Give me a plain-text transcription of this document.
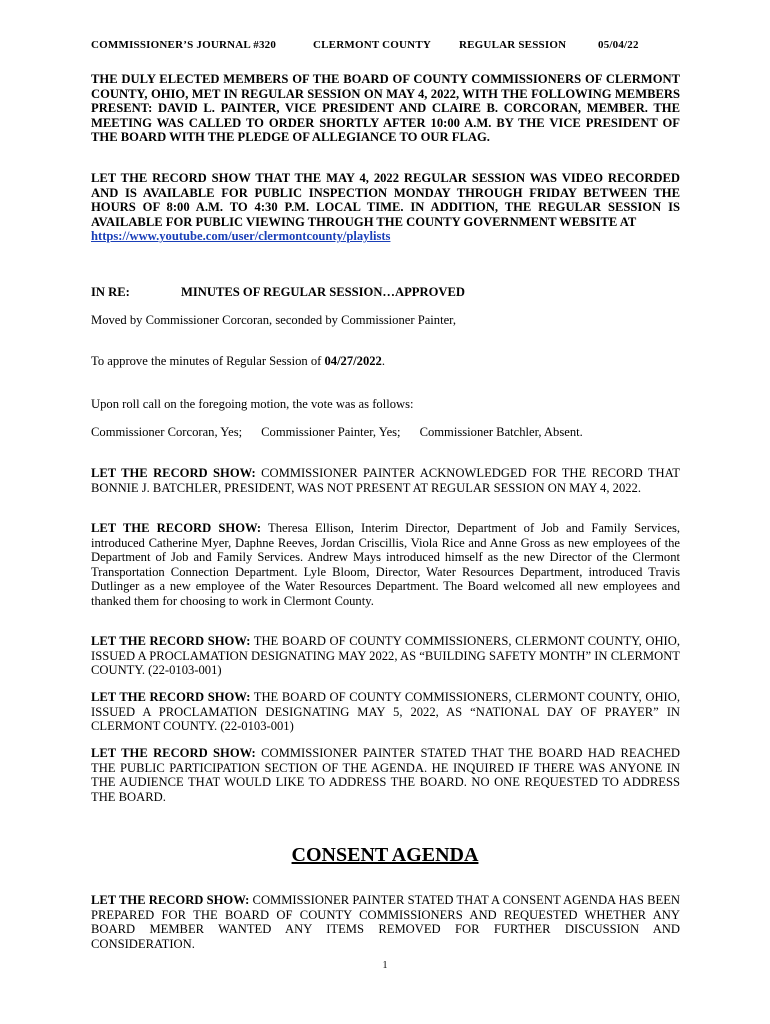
COMMISSIONER’S JOURNAL #320	CLERMONT COUNTY	REGULAR SESSION	05/04/22
THE DULY ELECTED MEMBERS OF THE BOARD OF COUNTY COMMISSIONERS OF CLERMONT COUNTY, OHIO, MET IN REGULAR SESSION ON MAY 4, 2022, WITH THE FOLLOWING MEMBERS PRESENT: DAVID L. PAINTER, VICE PRESIDENT AND CLAIRE B. CORCORAN, MEMBER. THE MEETING WAS CALLED TO ORDER SHORTLY AFTER 10:00 A.M. BY THE VICE PRESIDENT OF THE BOARD WITH THE PLEDGE OF ALLEGIANCE TO OUR FLAG.
LET THE RECORD SHOW THAT THE MAY 4, 2022 REGULAR SESSION WAS VIDEO RECORDED AND IS AVAILABLE FOR PUBLIC INSPECTION MONDAY THROUGH FRIDAY BETWEEN THE HOURS OF 8:00 A.M. TO 4:30 P.M. LOCAL TIME. IN ADDITION, THE REGULAR SESSION IS AVAILABLE FOR PUBLIC VIEWING THROUGH THE COUNTY GOVERNMENT WEBSITE AT
https://www.youtube.com/user/clermontcounty/playlists
IN RE:	MINUTES OF REGULAR SESSION…APPROVED
Moved by Commissioner Corcoran, seconded by Commissioner Painter,
To approve the minutes of Regular Session of 04/27/2022.
Upon roll call on the foregoing motion, the vote was as follows:
Commissioner Corcoran, Yes; Commissioner Painter, Yes; Commissioner Batchler, Absent.
LET THE RECORD SHOW: COMMISSIONER PAINTER ACKNOWLEDGED FOR THE RECORD THAT BONNIE J. BATCHLER, PRESIDENT, WAS NOT PRESENT AT REGULAR SESSION ON MAY 4, 2022.
LET THE RECORD SHOW: Theresa Ellison, Interim Director, Department of Job and Family Services, introduced Catherine Myer, Daphne Reeves, Jordan Criscillis, Viola Rice and Anne Gross as new employees of the Department of Job and Family Services. Andrew Mays introduced himself as the new Director of the Clermont Transportation Connection Department. Lyle Bloom, Director, Water Resources Department, introduced Travis Dutlinger as a new employee of the Water Resources Department. The Board welcomed all new employees and thanked them for choosing to work in Clermont County.
LET THE RECORD SHOW: THE BOARD OF COUNTY COMMISSIONERS, CLERMONT COUNTY, OHIO, ISSUED A PROCLAMATION DESIGNATING MAY 2022, AS “BUILDING SAFETY MONTH” IN CLERMONT COUNTY. (22-0103-001)
LET THE RECORD SHOW: THE BOARD OF COUNTY COMMISSIONERS, CLERMONT COUNTY, OHIO, ISSUED A PROCLAMATION DESIGNATING MAY 5, 2022, AS “NATIONAL DAY OF PRAYER” IN CLERMONT COUNTY. (22-0103-001)
LET THE RECORD SHOW: COMMISSIONER PAINTER STATED THAT THE BOARD HAD REACHED THE PUBLIC PARTICIPATION SECTION OF THE AGENDA. HE INQUIRED IF THERE WAS ANYONE IN THE AUDIENCE THAT WOULD LIKE TO ADDRESS THE BOARD. NO ONE REQUESTED TO ADDRESS THE BOARD.
CONSENT AGENDA
LET THE RECORD SHOW: COMMISSIONER PAINTER STATED THAT A CONSENT AGENDA HAS BEEN PREPARED FOR THE BOARD OF COUNTY COMMISSIONERS AND REQUESTED WHETHER ANY BOARD MEMBER WANTED ANY ITEMS REMOVED FOR FURTHER DISCUSSION AND CONSIDERATION.
1
